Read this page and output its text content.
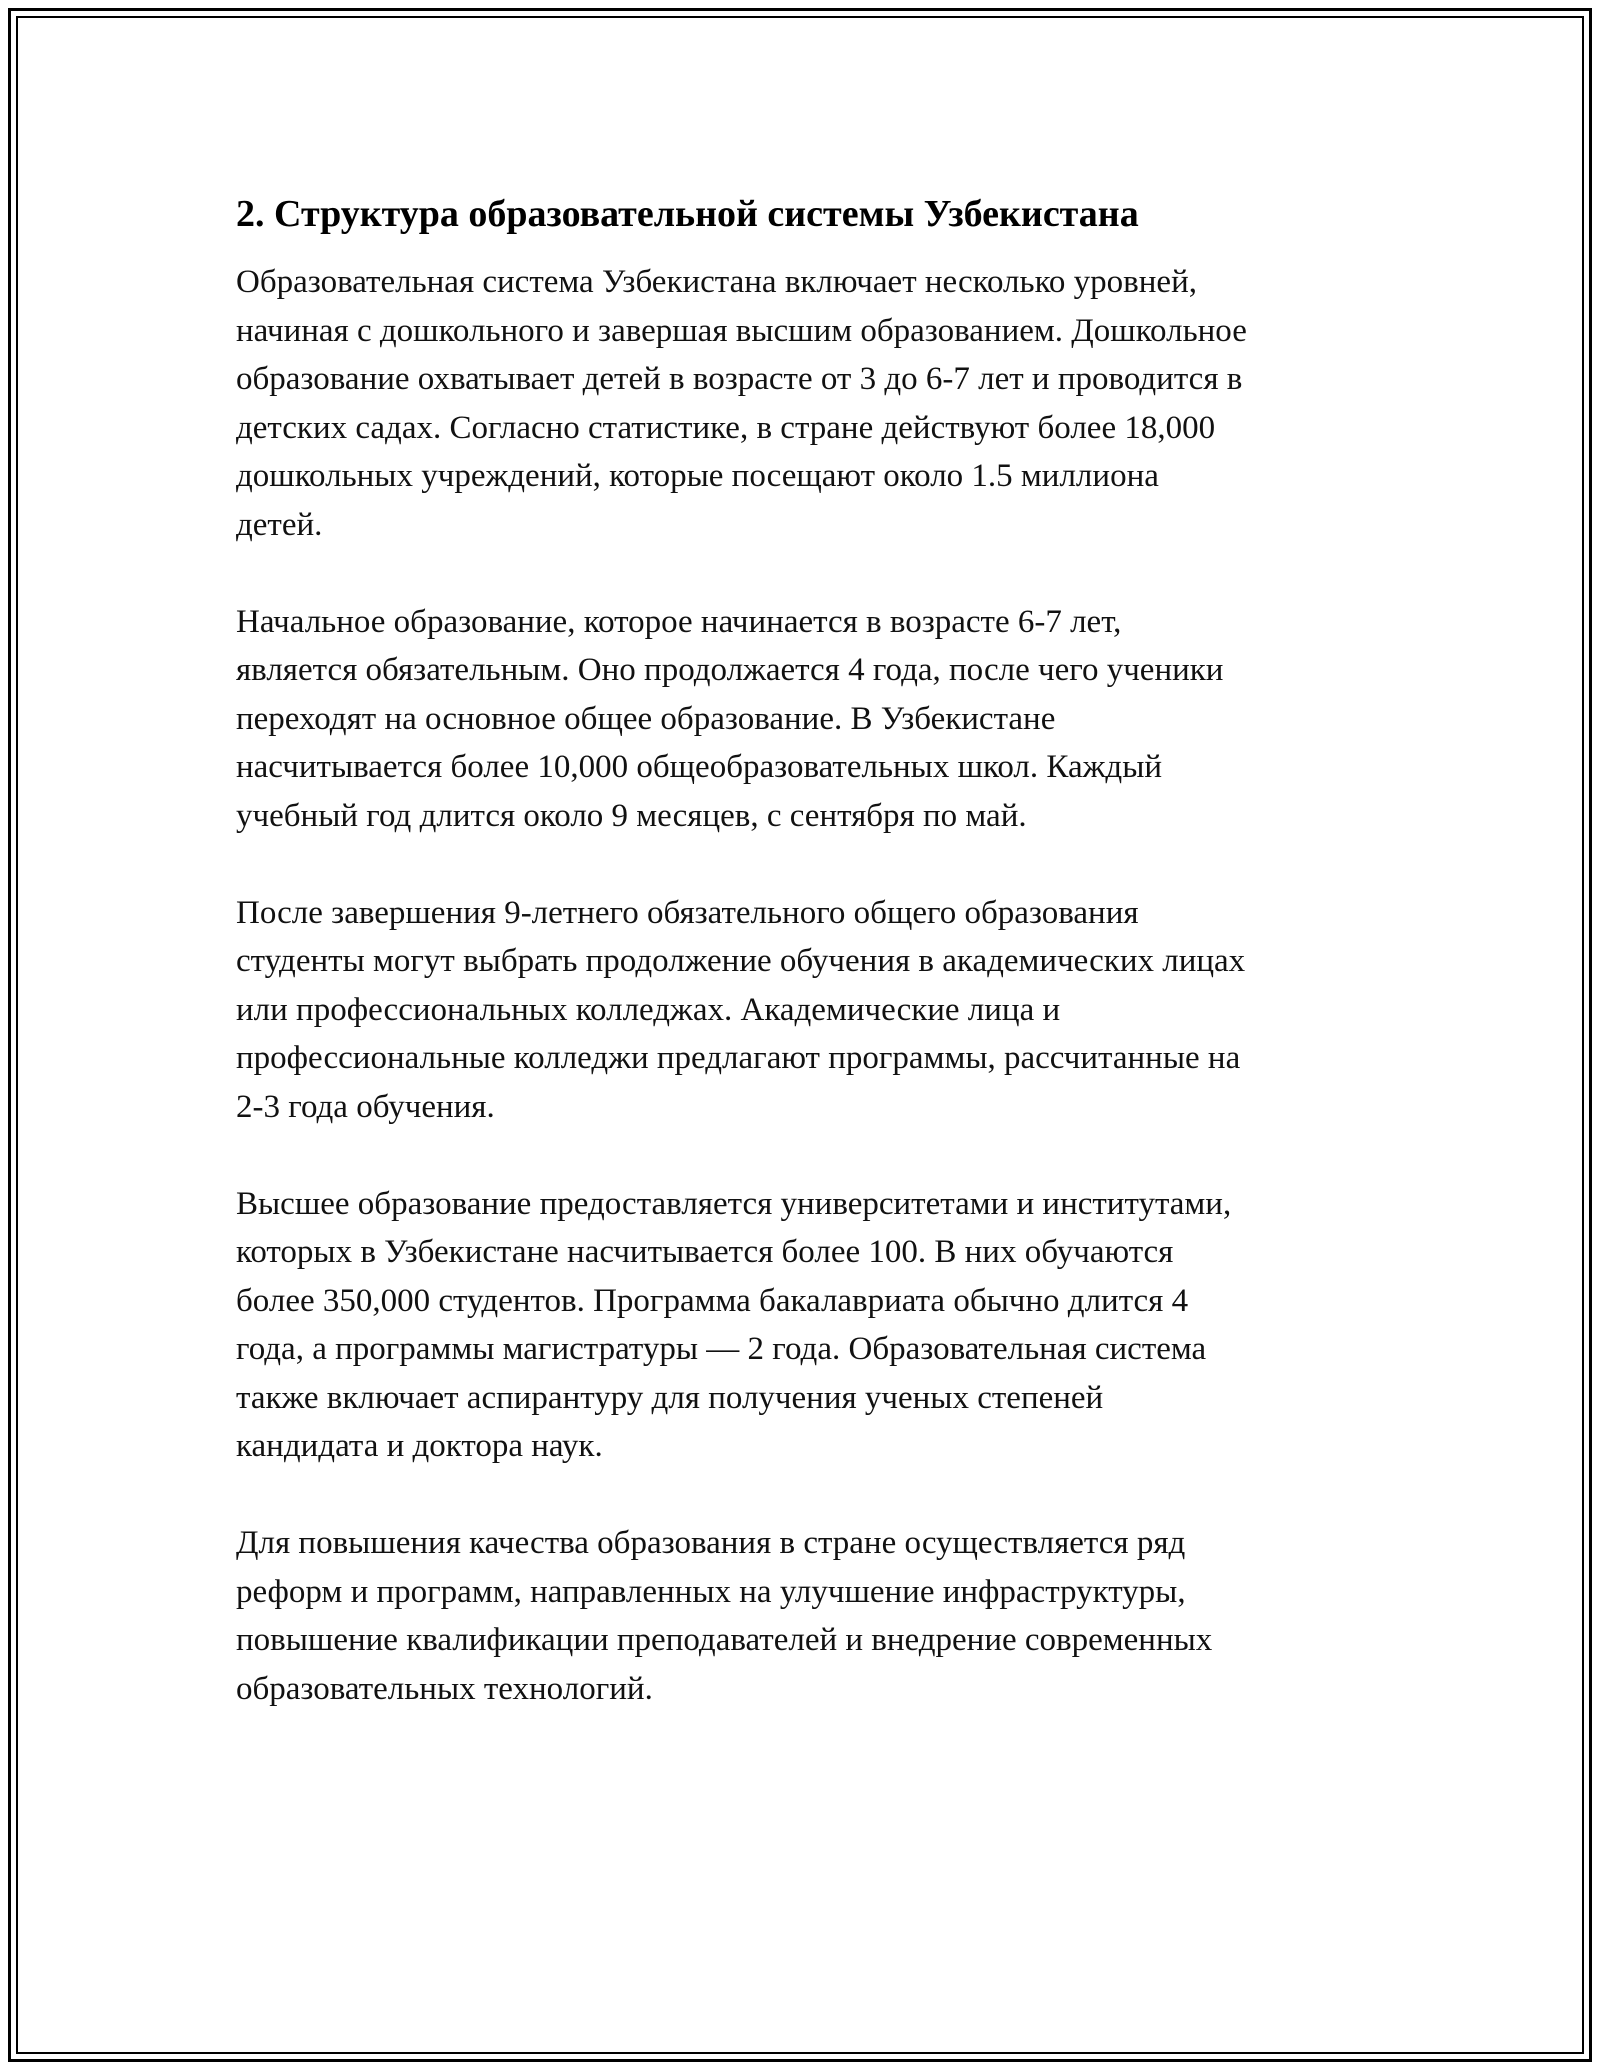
2. Структура образовательной системы Узбекистана

Образовательная система Узбекистана включает несколько уровней,
начиная с дошкольного и завершая высшим образованием. Дошкольное
образование охватывает детей в возрасте от 3 до 6-7 лет и проводится в
детских садах. Согласно статистике, в стране действуют более 18,000
дошкольных учреждений, которые посещают около 1.5 миллиона
детей.

Начальное образование, которое начинается в возрасте 6-7 лет,
является обязательным. Оно продолжается 4 года, после чего ученики
переходят на основное общее образование. В Узбекистане
насчитывается более 10,000 общеобразовательных школ. Каждый
учебный год длится около 9 месяцев, с сентября по май.

После завершения 9-летнего обязательного общего образования
студенты могут выбрать продолжение обучения в академических лицах
или профессиональных колледжах. Академические лица и
профессиональные колледжи предлагают программы, рассчитанные на
2-3 года обучения.

Высшее образование предоставляется университетами и институтами,
которых в Узбекистане насчитывается более 100. В них обучаются
более 350,000 студентов. Программа бакалавриата обычно длится 4
года, а программы магистратуры — 2 года. Образовательная система
также включает аспирантуру для получения ученых степеней
кандидата и доктора наук.

Для повышения качества образования в стране осуществляется ряд
реформ и программ, направленных на улучшение инфраструктуры,
повышение квалификации преподавателей и внедрение современных
образовательных технологий.
